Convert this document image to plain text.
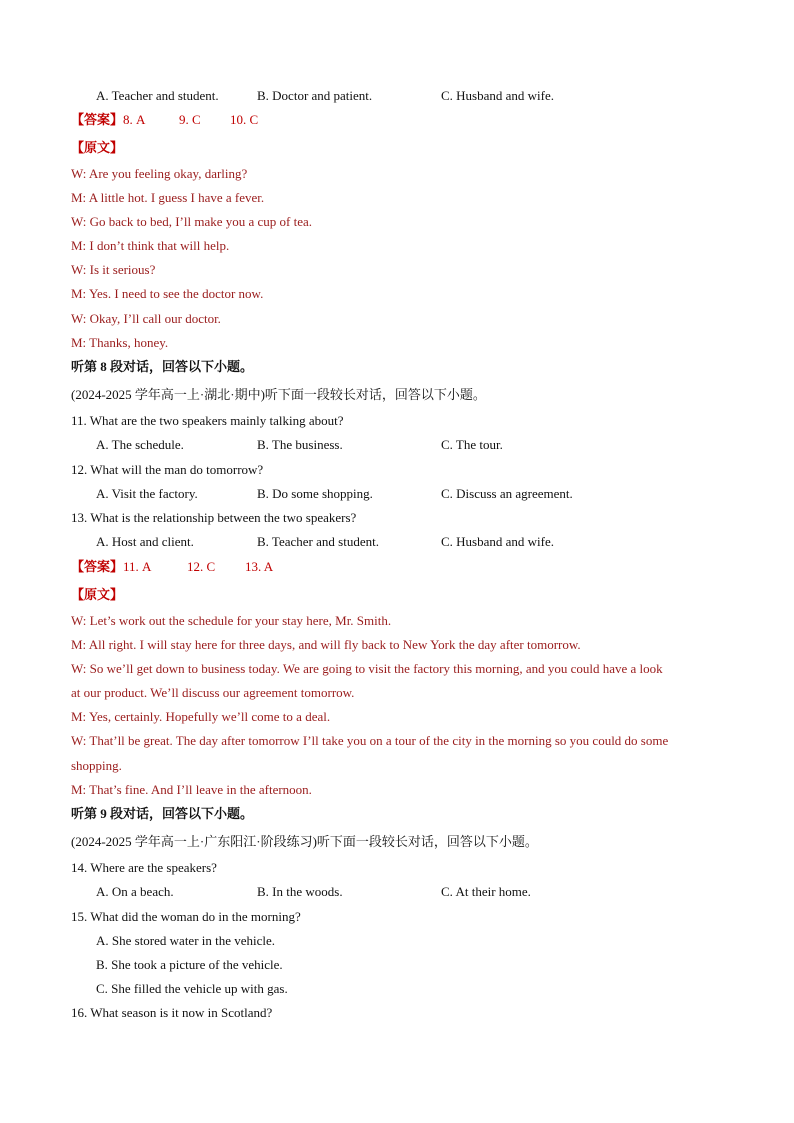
A. Teacher and student.	B. Doctor and patient.	C. Husband and wife.
【答案】8. A	9. C 10. C
【原文】
W: Are you feeling okay, darling?
M: A little hot. I guess I have a fever.
W: Go back to bed, I’ll make you a cup of tea.
M: I don’t think that will help.
W: Is it serious?
M: Yes. I need to see the doctor now.
W: Okay, I’ll call our doctor.
M: Thanks, honey.
听第 8 段对话，回答以下小题。
(2024-2025 学年高一上·湖北·期中)听下面一段较长对话，回答以下小题。
11. What are the two speakers mainly talking about?
A. The schedule.	B. The business.	C. The tour.
12. What will the man do tomorrow?
A. Visit the factory.	B. Do some shopping.	C. Discuss an agreement.
13. What is the relationship between the two speakers?
A. Host and client.	B. Teacher and student.	C. Husband and wife.
【答案】11. A	12. C 13. A
【原文】
W: Let’s work out the schedule for your stay here, Mr. Smith.
M: All right. I will stay here for three days, and will fly back to New York the day after tomorrow.
W: So we’ll get down to business today. We are going to visit the factory this morning, and you could have a look
at our product. We’ll discuss our agreement tomorrow.
M: Yes, certainly. Hopefully we’ll come to a deal.
W: That’ll be great. The day after tomorrow I’ll take you on a tour of the city in the morning so you could do some
shopping.
M: That’s fine. And I’ll leave in the afternoon.
听第 9 段对话，回答以下小题。
(2024-2025 学年高一上·广东阳江·阶段练习)听下面一段较长对话，回答以下小题。
14. Where are the speakers?
A. On a beach.	B. In the woods.	C. At their home.
15. What did the woman do in the morning?
A. She stored water in the vehicle.
B. She took a picture of the vehicle.
C. She filled the vehicle up with gas.
16. What season is it now in Scotland?
